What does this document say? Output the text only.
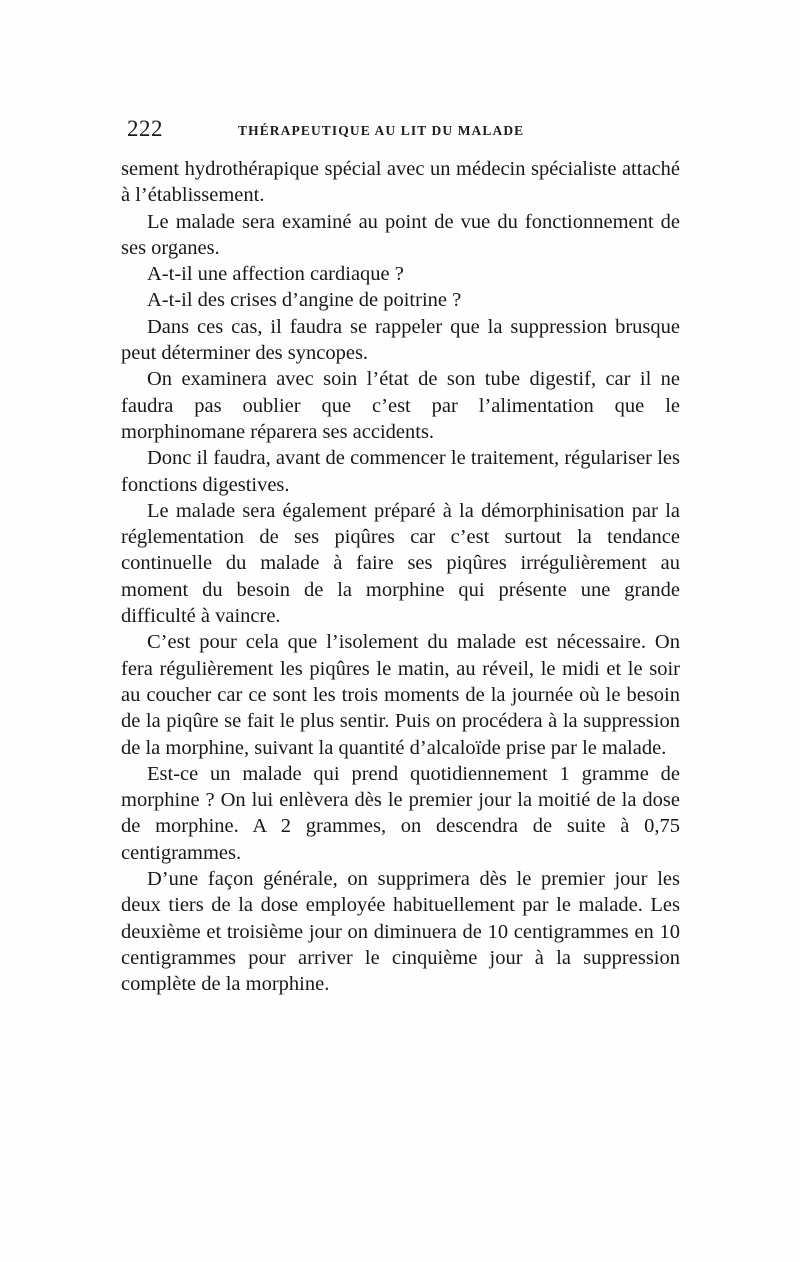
222	THÉRAPEUTIQUE AU LIT DU MALADE

sement hydrothérapique spécial avec un médecin spécialiste attaché à l’établissement.

Le malade sera examiné au point de vue du fonctionnement de ses organes.

A-t-il une affection cardiaque ?

A-t-il des crises d’angine de poitrine ?

Dans ces cas, il faudra se rappeler que la suppression brusque peut déterminer des syncopes.

On examinera avec soin l’état de son tube digestif, car il ne faudra pas oublier que c’est par l’alimentation que le morphinomane réparera ses accidents.

Donc il faudra, avant de commencer le traitement, régulariser les fonctions digestives.

Le malade sera également préparé à la démorphinisation par la réglementation de ses piqûres car c’est surtout la tendance continuelle du malade à faire ses piqûres irrégulièrement au moment du besoin de la morphine qui présente une grande difficulté à vaincre.

C’est pour cela que l’isolement du malade est nécessaire. On fera régulièrement les piqûres le matin, au réveil, le midi et le soir au coucher car ce sont les trois moments de la journée où le besoin de la piqûre se fait le plus sentir. Puis on procédera à la suppression de la morphine, suivant la quantité d’alcaloïde prise par le malade.

Est-ce un malade qui prend quotidiennement 1 gramme de morphine ? On lui enlèvera dès le premier jour la moitié de la dose de morphine. A 2 grammes, on descendra de suite à 0,75 centigrammes.

D’une façon générale, on supprimera dès le premier jour les deux tiers de la dose employée habituellement par le malade. Les deuxième et troisième jour on diminuera de 10 centigrammes en 10 centigrammes pour arriver le cinquième jour à la suppression complète de la morphine.
